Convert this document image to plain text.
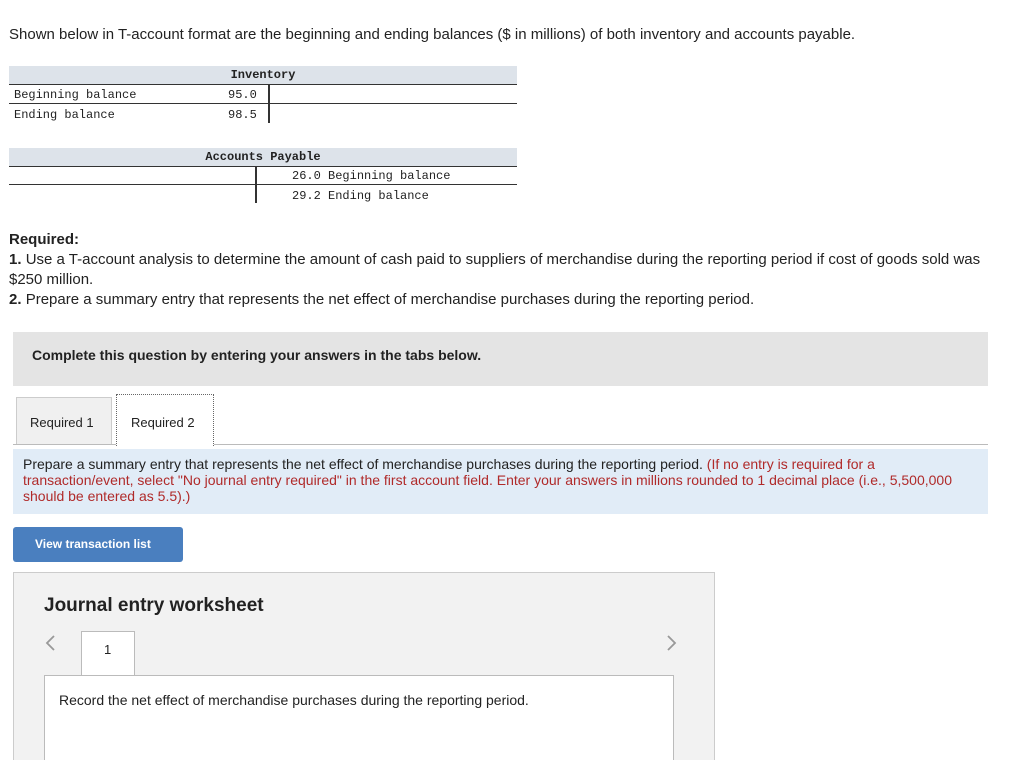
Shown below in T-account format are the beginning and ending balances ($ in millions) of both inventory and accounts payable.
Inventory
Beginning balance	95.0
Ending balance	98.5
Accounts Payable
26.0 Beginning balance
29.2 Ending balance
Required:
1. Use a T-account analysis to determine the amount of cash paid to suppliers of merchandise during the reporting period if cost of goods sold was $250 million.
2. Prepare a summary entry that represents the net effect of merchandise purchases during the reporting period.
Complete this question by entering your answers in the tabs below.
Required 1	Required 2
Prepare a summary entry that represents the net effect of merchandise purchases during the reporting period. (If no entry is required for a transaction/event, select "No journal entry required" in the first account field. Enter your answers in millions rounded to 1 decimal place (i.e., 5,500,000 should be entered as 5.5).)
View transaction list
Journal entry worksheet
1
Record the net effect of merchandise purchases during the reporting period.
